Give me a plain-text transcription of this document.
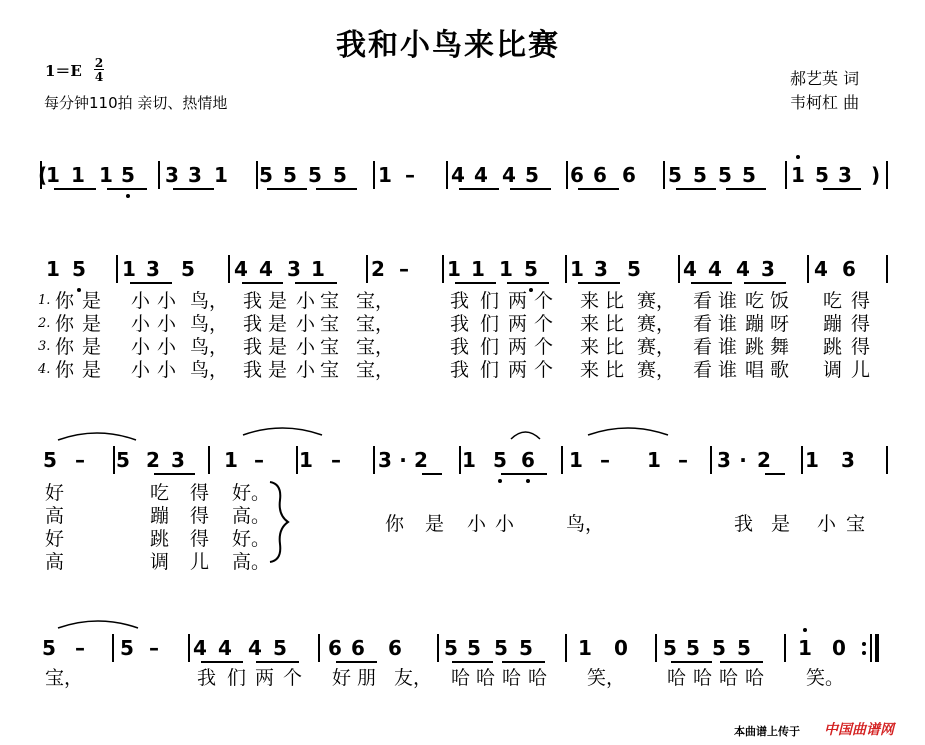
我和小鸟来比赛
1＝E 2
4
每分钟110拍 亲切、热情地
郝艺英 词
韦柯杠 曲
(	)
1 1 1 5 3 3 1 5 5 5 5 1 –	4 4 4 5 6 6 6 5 5 5 5 1 5 3
1 5 1 3 5 4 4 3 1 2 –	1 1 1 5 1 3 5 4 4 4 3 4 6
5 –	5 2 3 1 –	1 –	3 · 2 1 5 6 1 –	1 –	3 · 2 1 3
5 –	5 –	4 4 4 5 6 6 6 5 5 5 5 1 0 5 5 5 5 1 0
1. 你 是 小 小 鸟， 我 是 小 宝 宝，	我 们 两 个 来 比 赛， 看 谁 吃 饭 吃 得
2. 你 是 小 小 鸟， 我 是 小 宝 宝，	我 们 两 个 来 比 赛， 看 谁 蹦 呀 蹦 得
3. 你 是 小 小 鸟， 我 是 小 宝 宝，	我 们 两 个 来 比 赛， 看 谁 跳 舞 跳 得
4. 你 是 小 小 鸟， 我 是 小 宝 宝，	我 们 两 个 来 比 赛， 看 谁 唱 歌 调 儿
好	吃 得 好。
高	蹦 得 高。
好	跳 得 好。
高	调 儿 高。
你 是 小 小	鸟，	我 是 小 宝
宝，	我 们 两 个 好 朋 友， 哈 哈 哈 哈 笑， 哈 哈 哈 哈 笑。
本曲谱上传于 中国曲谱网
